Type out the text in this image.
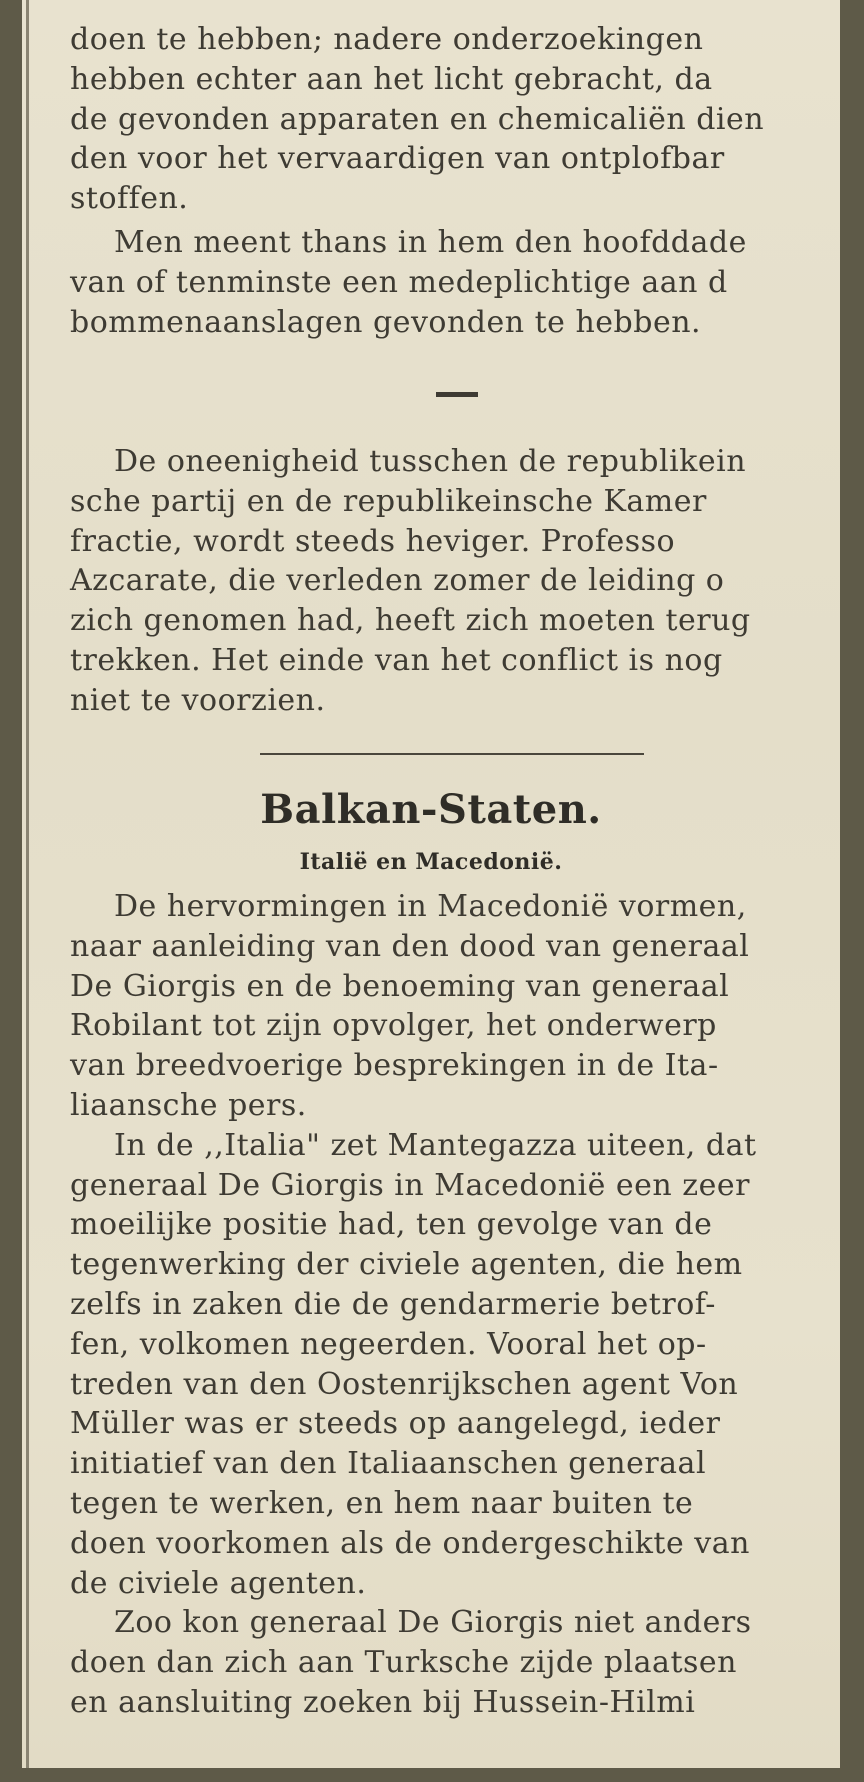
doen te hebben; nadere onderzoekingen
hebben echter aan het licht gebracht, da
de gevonden apparaten en chemicaliën dien
den voor het vervaardigen van ontplofbar
stoffen.
Men meent thans in hem den hoofddade
van of tenminste een medeplichtige aan d
bommenaanslagen gevonden te hebben.
De oneenigheid tusschen de republikein
sche partij en de republikeinsche Kamer
fractie, wordt steeds heviger. Professo
Azcarate, die verleden zomer de leiding o
zich genomen had, heeft zich moeten terug
trekken. Het einde van het conflict is nog
niet te voorzien.
Balkan-Staten.
Italië en Macedonië.
De hervormingen in Macedonië vormen,
naar aanleiding van den dood van generaal
De Giorgis en de benoeming van generaal
Robilant tot zijn opvolger, het onderwerp
van breedvoerige besprekingen in de Ita-
liaansche pers.
In de ,,Italia" zet Mantegazza uiteen, dat
generaal De Giorgis in Macedonië een zeer
moeilijke positie had, ten gevolge van de
tegenwerking der civiele agenten, die hem
zelfs in zaken die de gendarmerie betrof-
fen, volkomen negeerden. Vooral het op-
treden van den Oostenrijkschen agent Von
Müller was er steeds op aangelegd, ieder
initiatief van den Italiaanschen generaal
tegen te werken, en hem naar buiten te
doen voorkomen als de ondergeschikte van
de civiele agenten.
Zoo kon generaal De Giorgis niet anders
doen dan zich aan Turksche zijde plaatsen
en aansluiting zoeken bij Hussein-Hilmi
